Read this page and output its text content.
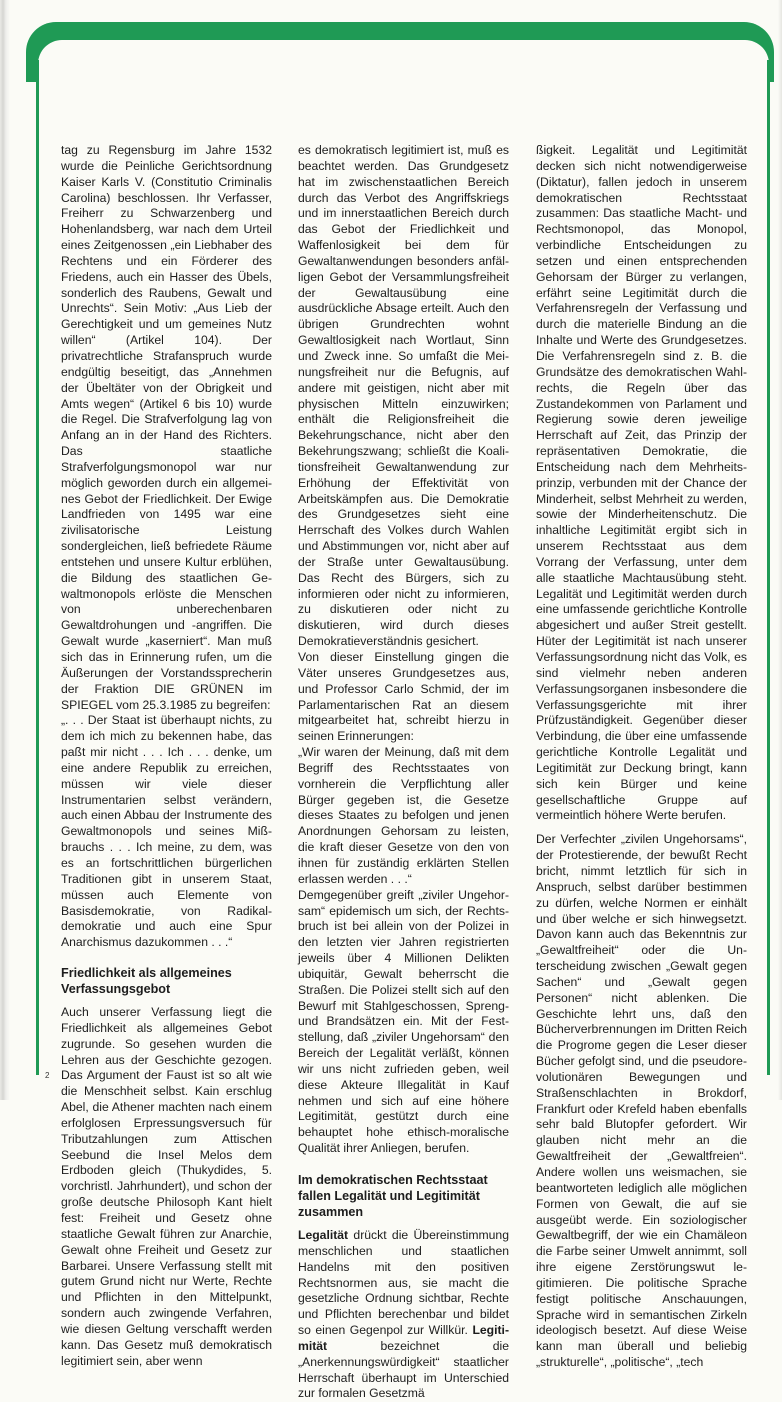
tag zu Regensburg im Jahre 1532 wurde die Peinliche Gerichtsordnung Kaiser Karls V. (Constitutio Criminalis Carolina) beschlossen. Ihr Verfasser, Freiherr zu Schwarzenberg und Hohenlandsberg, war nach dem Urteil eines Zeitgenossen „ein Liebhaber des Rechtens und ein Förderer des Friedens, auch ein Hasser des Übels, sonderlich des Raubens, Gewalt und Unrechts“. Sein Motiv: „Aus Lieb der Gerechtigkeit und um gemeines Nutz willen“ (Artikel 104). Der privatrechtliche Strafanspruch wurde endgültig beseitigt, das „Annehmen der Übeltäter von der Obrigkeit und Amts wegen“ (Artikel 6 bis 10) wurde die Regel. Die Strafverfolgung lag von Anfang an in der Hand des Richters. Das staatliche Strafverfolgungsmonopol war nur möglich geworden durch ein allgemeines Gebot der Friedlichkeit. Der Ewige Landfrieden von 1495 war eine zivilisatorische Leistung sondergleichen, ließ befriedete Räume entstehen und unsere Kultur erblühen, die Bildung des staatlichen Gewaltmonopols erlöste die Menschen von unberechenbaren Gewaltdrohungen und -angriffen. Die Gewalt wurde „kaserniert“. Man muß sich das in Erinnerung rufen, um die Äußerungen der Vorstandssprecherin der Fraktion DIE GRÜNEN im SPIEGEL vom 25.3.1985 zu begreifen:

„. . . Der Staat ist überhaupt nichts, zu dem ich mich zu bekennen habe, das paßt mir nicht . . . Ich . . . denke, um eine andere Republik zu erreichen, müssen wir viele dieser Instrumentarien selbst verändern, auch einen Abbau der Instrumente des Gewaltmonopols und seines Mißbrauchs . . . Ich meine, zu dem, was es an fortschrittlichen bürgerlichen Traditionen gibt in unserem Staat, müssen auch Elemente von Basisdemokratie, von Radikaldemokratie und auch eine Spur Anarchismus dazukommen . . .“

Friedlichkeit als allgemeines Verfassungsgebot

Auch unserer Verfassung liegt die Friedlichkeit als allgemeines Gebot zugrunde. So gesehen wurden die Lehren aus der Geschichte gezogen. Das Argument der Faust ist so alt wie die Menschheit selbst. Kain erschlug Abel, die Athener machten nach einem erfolglosen Erpressungsversuch für Tributzahlungen zum Attischen Seebund die Insel Melos dem Erdboden gleich (Thukydides, 5. vorchristl. Jahrhundert), und schon der große deutsche Philosoph Kant hielt fest: Freiheit und Gesetz ohne staatliche Gewalt führen zur Anarchie, Gewalt ohne Freiheit und Gesetz zur Barbarei. Unsere Verfassung stellt mit gutem Grund nicht nur Werte, Rechte und Pflichten in den Mittelpunkt, sondern auch zwingende Verfahren, wie diesen Geltung verschafft werden kann. Das Gesetz muß demokratisch legitimiert sein, aber wenn

es demokratisch legitimiert ist, muß es beachtet werden. Das Grundgesetz hat im zwischenstaatlichen Bereich durch das Verbot des Angriffskriegs und im innerstaatlichen Bereich durch das Gebot der Friedlichkeit und Waffenlosigkeit bei dem für Gewaltanwendungen besonders anfälligen Gebot der Versammlungsfreiheit der Gewaltausübung eine ausdrückliche Absage erteilt. Auch den übrigen Grundrechten wohnt Gewaltlosigkeit nach Wortlaut, Sinn und Zweck inne. So umfaßt die Meinungsfreiheit nur die Befugnis, auf andere mit geistigen, nicht aber mit physischen Mitteln einzuwirken; enthält die Religionsfreiheit die Bekehrungschance, nicht aber den Bekehrungszwang; schließt die Koalitionsfreiheit Gewaltanwendung zur Erhöhung der Effektivität von Arbeitskämpfen aus. Die Demokratie des Grundgesetzes sieht eine Herrschaft des Volkes durch Wahlen und Abstimmungen vor, nicht aber auf der Straße unter Gewaltausübung. Das Recht des Bürgers, sich zu informieren oder nicht zu informieren, zu diskutieren oder nicht zu diskutieren, wird durch dieses Demokratieverständnis gesichert.

Von dieser Einstellung gingen die Väter unseres Grundgesetzes aus, und Professor Carlo Schmid, der im Parlamentarischen Rat an diesem mitgearbeitet hat, schreibt hierzu in seinen Erinnerungen:

„Wir waren der Meinung, daß mit dem Begriff des Rechtsstaates von vornherein die Verpflichtung aller Bürger gegeben ist, die Gesetze dieses Staates zu befolgen und jenen Anordnungen Gehorsam zu leisten, die kraft dieser Gesetze von den von ihnen für zuständig erklärten Stellen erlassen werden . . .“

Demgegenüber greift „ziviler Ungehorsam“ epidemisch um sich, der Rechtsbruch ist bei allein von der Polizei in den letzten vier Jahren registrierten jeweils über 4 Millionen Delikten ubiquitär, Gewalt beherrscht die Straßen. Die Polizei stellt sich auf den Bewurf mit Stahlgeschossen, Spreng- und Brandsätzen ein. Mit der Feststellung, daß „ziviler Ungehorsam“ den Bereich der Legalität verläßt, können wir uns nicht zufrieden geben, weil diese Akteure Illegalität in Kauf nehmen und sich auf eine höhere Legitimität, gestützt durch eine behauptet hohe ethisch-moralische Qualität ihrer Anliegen, berufen.

Im demokratischen Rechtsstaat fallen Legalität und Legitimität zusammen

Legalität drückt die Übereinstimmung menschlichen und staatlichen Handelns mit den positiven Rechtsnormen aus, sie macht die gesetzliche Ordnung sichtbar, Rechte und Pflichten berechenbar und bildet so einen Gegenpol zur Willkür. Legitimität bezeichnet die „Anerkennungswürdigkeit“ staatlicher Herrschaft überhaupt im Unterschied zur formalen Gesetzmä

ßigkeit. Legalität und Legitimität decken sich nicht notwendigerweise (Diktatur), fallen jedoch in unserem demokratischen Rechtsstaat zusammen: Das staatliche Macht- und Rechtsmonopol, das Monopol, verbindliche Entscheidungen zu setzen und einen entsprechenden Gehorsam der Bürger zu verlangen, erfährt seine Legitimität durch die Verfahrensregeln der Verfassung und durch die materielle Bindung an die Inhalte und Werte des Grundgesetzes. Die Verfahrensregeln sind z. B. die Grundsätze des demokratischen Wahlrechts, die Regeln über das Zustandekommen von Parlament und Regierung sowie deren jeweilige Herrschaft auf Zeit, das Prinzip der repräsentativen Demokratie, die Entscheidung nach dem Mehrheitsprinzip, verbunden mit der Chance der Minderheit, selbst Mehrheit zu werden, sowie der Minderheitenschutz. Die inhaltliche Legitimität ergibt sich in unserem Rechtsstaat aus dem Vorrang der Verfassung, unter dem alle staatliche Machtausübung steht. Legalität und Legitimität werden durch eine umfassende gerichtliche Kontrolle abgesichert und außer Streit gestellt. Hüter der Legitimität ist nach unserer Verfassungsordnung nicht das Volk, es sind vielmehr neben anderen Verfassungsorganen insbesondere die Verfassungsgerichte mit ihrer Prüfzuständigkeit. Gegenüber dieser Verbindung, die über eine umfassende gerichtliche Kontrolle Legalität und Legitimität zur Deckung bringt, kann sich kein Bürger und keine gesellschaftliche Gruppe auf vermeintlich höhere Werte berufen.

Der Verfechter „zivilen Ungehorsams“, der Protestierende, der bewußt Recht bricht, nimmt letztlich für sich in Anspruch, selbst darüber bestimmen zu dürfen, welche Normen er einhält und über welche er sich hinwegsetzt. Davon kann auch das Bekenntnis zur „Gewaltfreiheit“ oder die Unterscheidung zwischen „Gewalt gegen Sachen“ und „Gewalt gegen Personen“ nicht ablenken. Die Geschichte lehrt uns, daß den Bücherverbrennungen im Dritten Reich die Progrome gegen die Leser dieser Bücher gefolgt sind, und die pseudorevolutionären Bewegungen und Straßenschlachten in Brokdorf, Frankfurt oder Krefeld haben ebenfalls sehr bald Blutopfer gefordert. Wir glauben nicht mehr an die Gewaltfreiheit der „Gewaltfreien“. Andere wollen uns weismachen, sie beantworteten lediglich alle möglichen Formen von Gewalt, die auf sie ausgeübt werde. Ein soziologischer Gewaltbegriff, der wie ein Chamäleon die Farbe seiner Umwelt annimmt, soll ihre eigene Zerstörungswut legitimieren. Die politische Sprache festigt politische Anschauungen, Sprache wird in semantischen Zirkeln ideologisch besetzt. Auf diese Weise kann man überall und beliebig „strukturelle“, „politische“, „tech

2
